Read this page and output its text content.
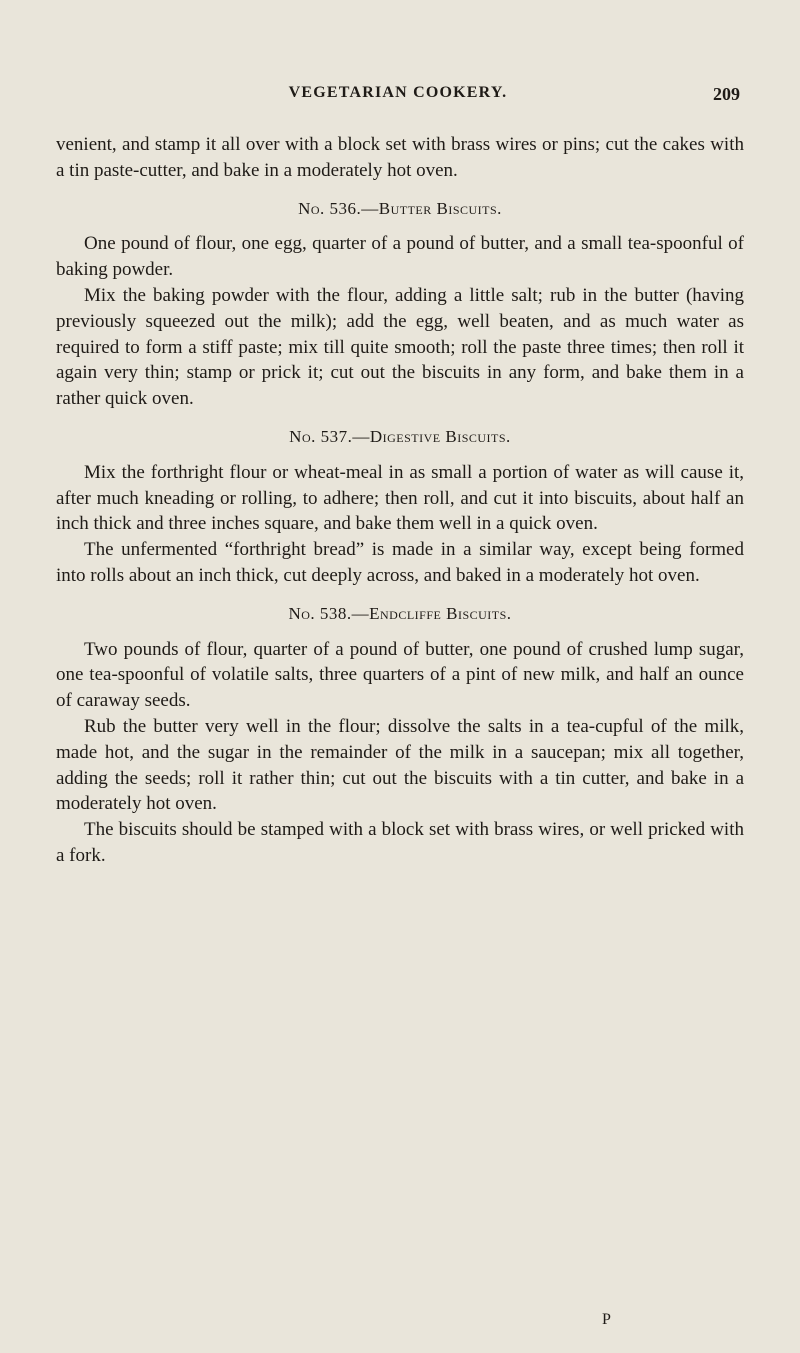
VEGETARIAN COOKERY.	209

venient, and stamp it all over with a block set with brass wires or pins; cut the cakes with a tin paste-cutter, and bake in a moderately hot oven.

No. 536.—Butter Biscuits.

One pound of flour, one egg, quarter of a pound of butter, and a small tea-spoonful of baking powder.

Mix the baking powder with the flour, adding a little salt; rub in the butter (having previously squeezed out the milk); add the egg, well beaten, and as much water as required to form a stiff paste; mix till quite smooth; roll the paste three times; then roll it again very thin; stamp or prick it; cut out the biscuits in any form, and bake them in a rather quick oven.

No. 537.—Digestive Biscuits.

Mix the forthright flour or wheat-meal in as small a portion of water as will cause it, after much kneading or rolling, to adhere; then roll, and cut it into biscuits, about half an inch thick and three inches square, and bake them well in a quick oven.

The unfermented “forthright bread” is made in a similar way, except being formed into rolls about an inch thick, cut deeply across, and baked in a moderately hot oven.

No. 538.—Endcliffe Biscuits.

Two pounds of flour, quarter of a pound of butter, one pound of crushed lump sugar, one tea-spoonful of volatile salts, three quarters of a pint of new milk, and half an ounce of caraway seeds.

Rub the butter very well in the flour; dissolve the salts in a tea-cupful of the milk, made hot, and the sugar in the remainder of the milk in a saucepan; mix all together, adding the seeds; roll it rather thin; cut out the biscuits with a tin cutter, and bake in a moderately hot oven.

The biscuits should be stamped with a block set with brass wires, or well pricked with a fork.

P
